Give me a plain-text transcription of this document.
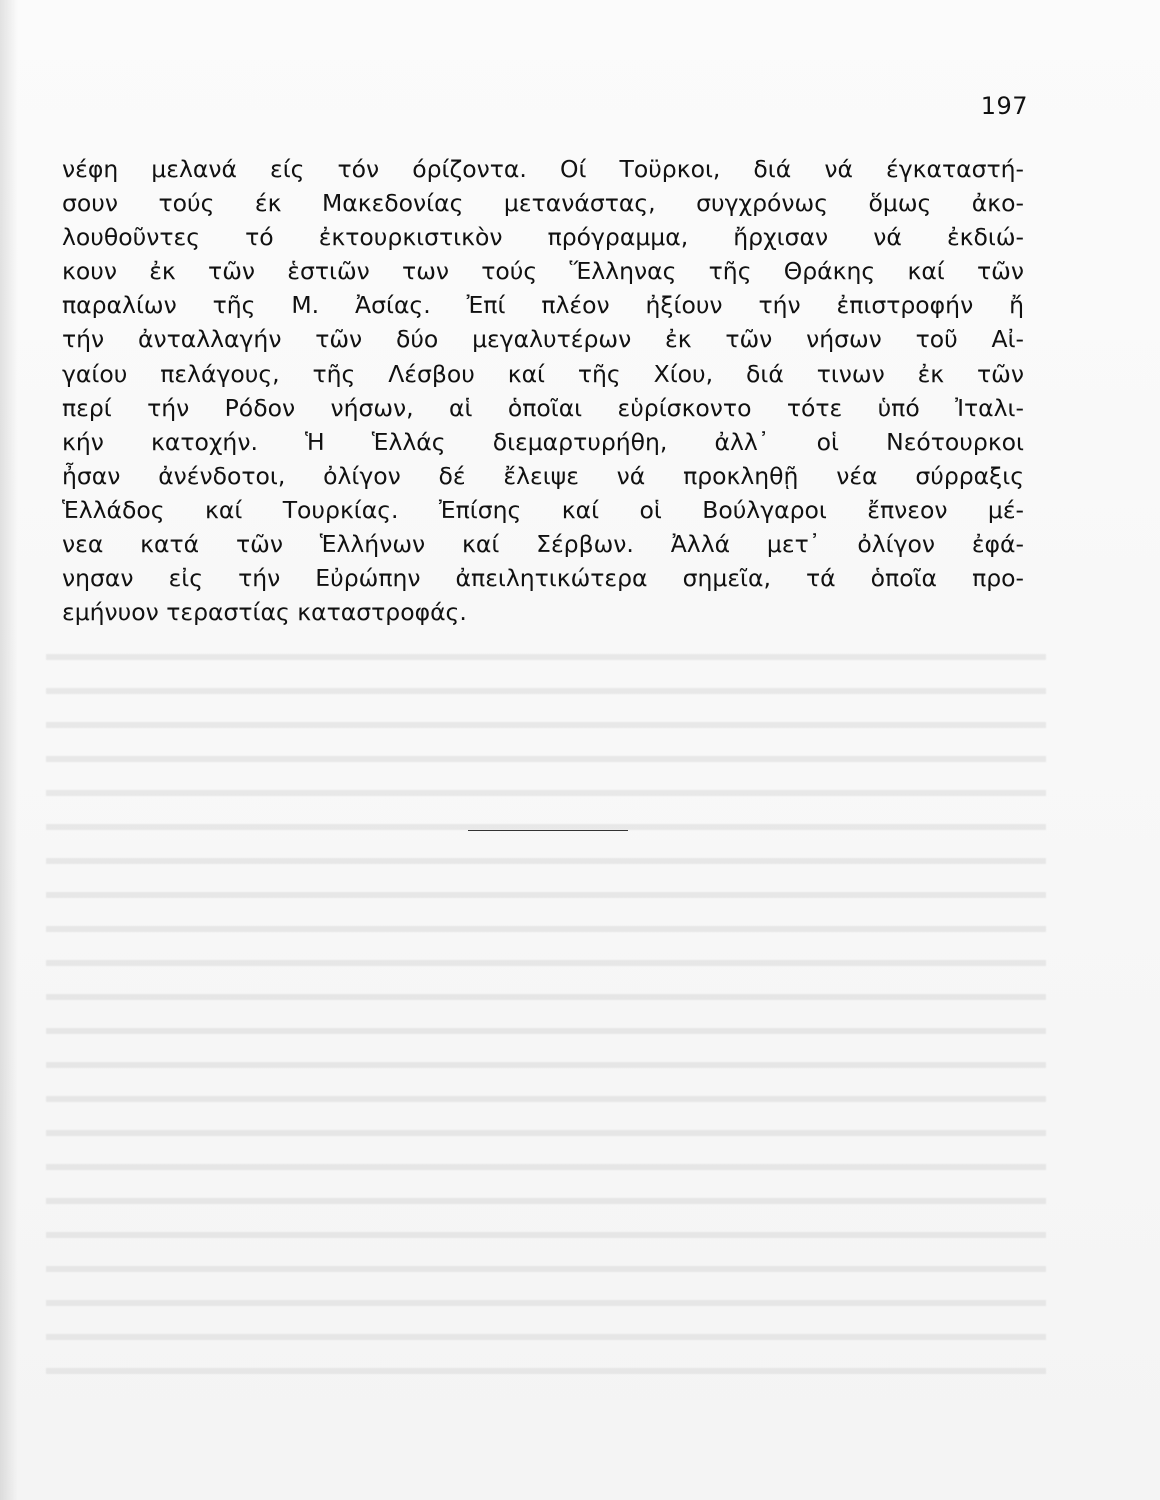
197
νέφη μελανά είς τόν όρίζοντα. Οί Τοϋρκοι, διά νά έγκαταστή-
σουν τούς έκ Μακεδονίας μετανάστας, συγχρόνως ὅμως ἀκο-
λουθοῦντες τό ἐκτουρκιστικὸν πρόγραμμα, ἤρχισαν νά ἐκδιώ-
κουν ἐκ τῶν ἑστιῶν των τούς Ἕλληνας τῆς Θράκης καί τῶν
παραλίων τῆς Μ. Ἀσίας. Ἐπί πλέον ἠξίουν τήν ἐπιστροφήν ἤ
τήν ἀνταλλαγήν τῶν δύο μεγαλυτέρων ἐκ τῶν νήσων τοῦ Αἰ-
γαίου πελάγους, τῆς Λέσβου καί τῆς Χίου, διά τινων ἐκ τῶν
περί τήν Ρόδον νήσων, αἱ ὁποῖαι εὑρίσκοντο τότε ὑπό Ἰταλι-
κήν κατοχήν. Ἡ Ἑλλάς διεμαρτυρήθη, ἀλλ᾿ οἱ Νεότουρκοι
ἦσαν ἀνένδοτοι, ὀλίγον δέ ἔλειψε νά προκληθῇ νέα σύρραξις
Ἑλλάδος καί Τουρκίας. Ἐπίσης καί οἱ Βούλγαροι ἔπνεον μέ-
νεα κατά τῶν Ἑλλήνων καί Σέρβων. Ἀλλά μετ᾿ ὀλίγον ἐφά-
νησαν εἰς τήν Εὐρώπην ἀπειλητικώτερα σημεῖα, τά ὁποῖα προ-
εμήνυον τεραστίας καταστροφάς.
